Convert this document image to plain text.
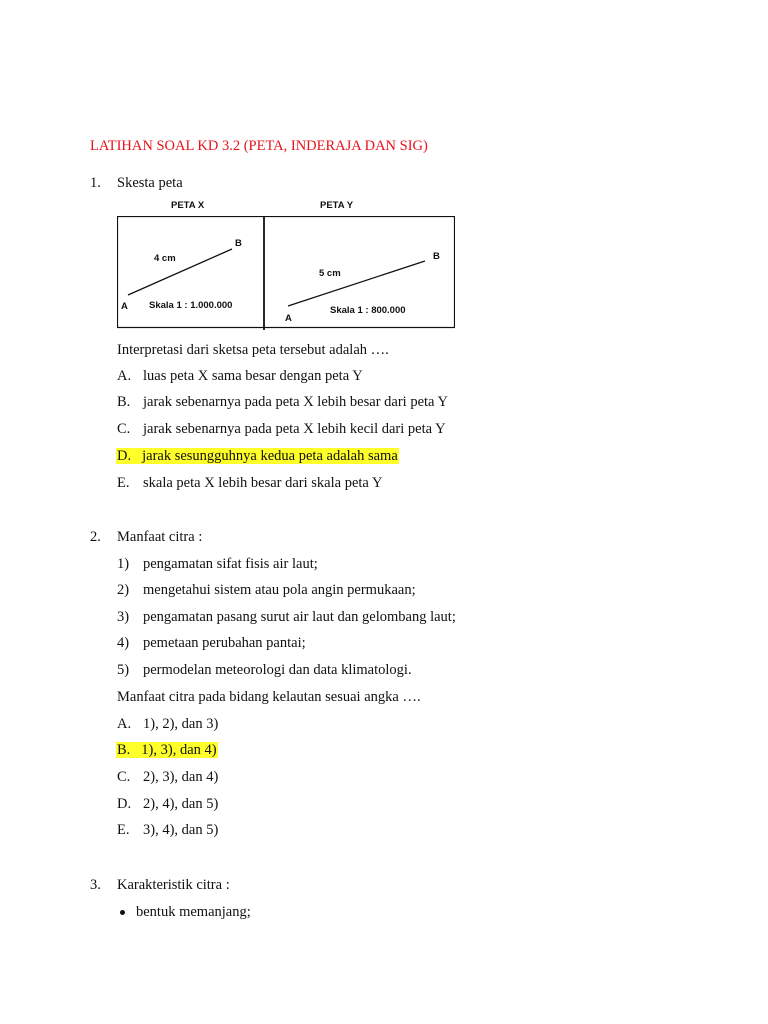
LATIHAN SOAL KD 3.2 (PETA, INDERAJA DAN SIG)
1. Skesta peta
PETA X	PETA Y
B
4 cm
A Skala 1 : 1.000.000
B
5 cm
Skala 1 : 800.000
A
Interpretasi dari sketsa peta tersebut adalah ….
A. luas peta X sama besar dengan peta Y
B. jarak sebenarnya pada peta X lebih besar dari peta Y
C. jarak sebenarnya pada peta X lebih kecil dari peta Y
D. jarak sesungguhnya kedua peta adalah sama
E. skala peta X lebih besar dari skala peta Y
2. Manfaat citra :
1) pengamatan sifat fisis air laut;
2) mengetahui sistem atau pola angin permukaan;
3) pengamatan pasang surut air laut dan gelombang laut;
4) pemetaan perubahan pantai;
5) permodelan meteorologi dan data klimatologi.
Manfaat citra pada bidang kelautan sesuai angka ….
A. 1), 2), dan 3)
B. 1), 3), dan 4)
C. 2), 3), dan 4)
D. 2), 4), dan 5)
E. 3), 4), dan 5)
3. Karakteristik citra :
bentuk memanjang;
